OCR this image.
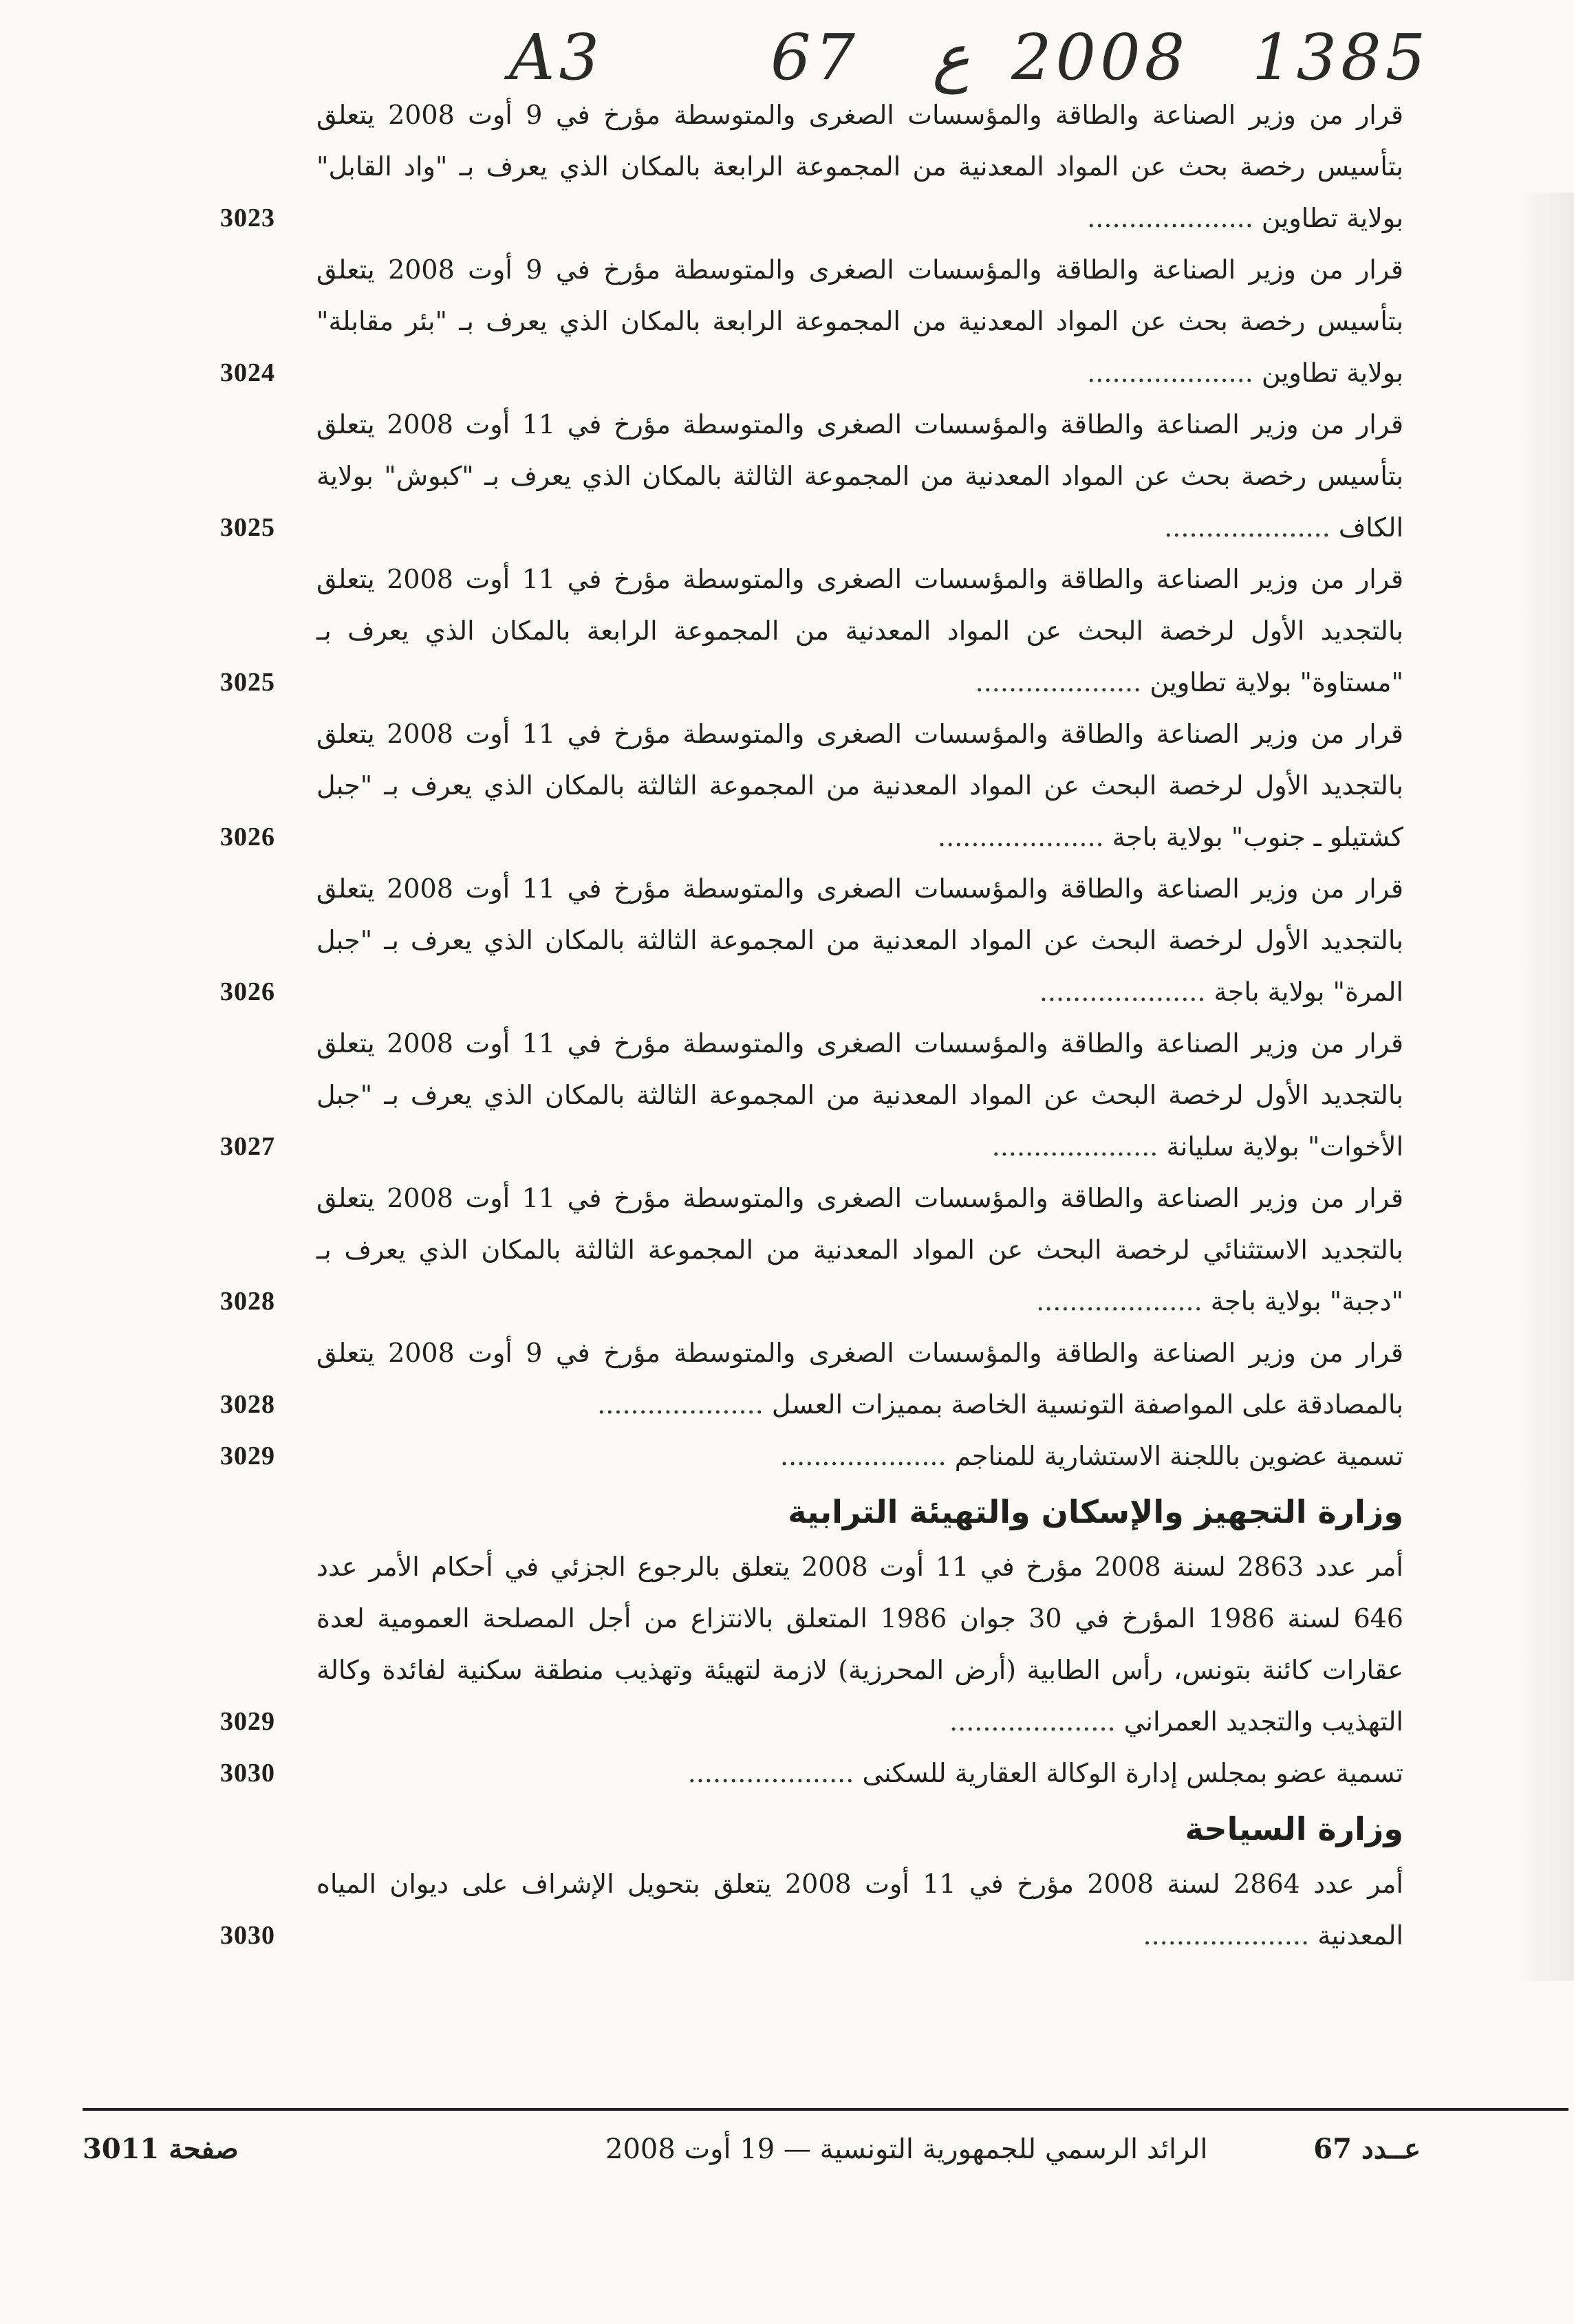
A3	67 ع 2008 1385
قرار من وزير الصناعة والطاقة والمؤسسات الصغرى والمتوسطة مؤرخ في 9 أوت 2008 يتعلق بتأسيس رخصة بحث عن المواد المعدنية من المجموعة الرابعة بالمكان الذي يعرف بـ "واد القابل" بولاية تطاوين ....................
3023
قرار من وزير الصناعة والطاقة والمؤسسات الصغرى والمتوسطة مؤرخ في 9 أوت 2008 يتعلق بتأسيس رخصة بحث عن المواد المعدنية من المجموعة الرابعة بالمكان الذي يعرف بـ "بئر مقابلة" بولاية تطاوين ....................
3024
قرار من وزير الصناعة والطاقة والمؤسسات الصغرى والمتوسطة مؤرخ في 11 أوت 2008 يتعلق بتأسيس رخصة بحث عن المواد المعدنية من المجموعة الثالثة بالمكان الذي يعرف بـ "كبوش" بولاية الكاف ....................
3025
قرار من وزير الصناعة والطاقة والمؤسسات الصغرى والمتوسطة مؤرخ في 11 أوت 2008 يتعلق بالتجديد الأول لرخصة البحث عن المواد المعدنية من المجموعة الرابعة بالمكان الذي يعرف بـ "مستاوة" بولاية تطاوين ....................
3025
قرار من وزير الصناعة والطاقة والمؤسسات الصغرى والمتوسطة مؤرخ في 11 أوت 2008 يتعلق بالتجديد الأول لرخصة البحث عن المواد المعدنية من المجموعة الثالثة بالمكان الذي يعرف بـ "جبل كشتيلو ـ جنوب" بولاية باجة ....................
3026
قرار من وزير الصناعة والطاقة والمؤسسات الصغرى والمتوسطة مؤرخ في 11 أوت 2008 يتعلق بالتجديد الأول لرخصة البحث عن المواد المعدنية من المجموعة الثالثة بالمكان الذي يعرف بـ "جبل المرة" بولاية باجة ....................
3026
قرار من وزير الصناعة والطاقة والمؤسسات الصغرى والمتوسطة مؤرخ في 11 أوت 2008 يتعلق بالتجديد الأول لرخصة البحث عن المواد المعدنية من المجموعة الثالثة بالمكان الذي يعرف بـ "جبل الأخوات" بولاية سليانة ....................
3027
قرار من وزير الصناعة والطاقة والمؤسسات الصغرى والمتوسطة مؤرخ في 11 أوت 2008 يتعلق بالتجديد الاستثنائي لرخصة البحث عن المواد المعدنية من المجموعة الثالثة بالمكان الذي يعرف بـ "دجبة" بولاية باجة ....................
3028
قرار من وزير الصناعة والطاقة والمؤسسات الصغرى والمتوسطة مؤرخ في 9 أوت 2008 يتعلق بالمصادقة على المواصفة التونسية الخاصة بمميزات العسل ....................
3028
تسمية عضوين باللجنة الاستشارية للمناجم ....................
3029
وزارة التجهيز والإسكان والتهيئة الترابية
أمر عدد 2863 لسنة 2008 مؤرخ في 11 أوت 2008 يتعلق بالرجوع الجزئي في أحكام الأمر عدد 646 لسنة 1986 المؤرخ في 30 جوان 1986 المتعلق بالانتزاع من أجل المصلحة العمومية لعدة عقارات كائنة بتونس، رأس الطابية (أرض المحرزية) لازمة لتهيئة وتهذيب منطقة سكنية لفائدة وكالة التهذيب والتجديد العمراني ....................
3029
تسمية عضو بمجلس إدارة الوكالة العقارية للسكنى ....................
3030
وزارة السياحة
أمر عدد 2864 لسنة 2008 مؤرخ في 11 أوت 2008 يتعلق بتحويل الإشراف على ديوان المياه المعدنية ....................
3030
عــدد 67
الرائد الرسمي للجمهورية التونسية — 19 أوت 2008
صفحة 3011
